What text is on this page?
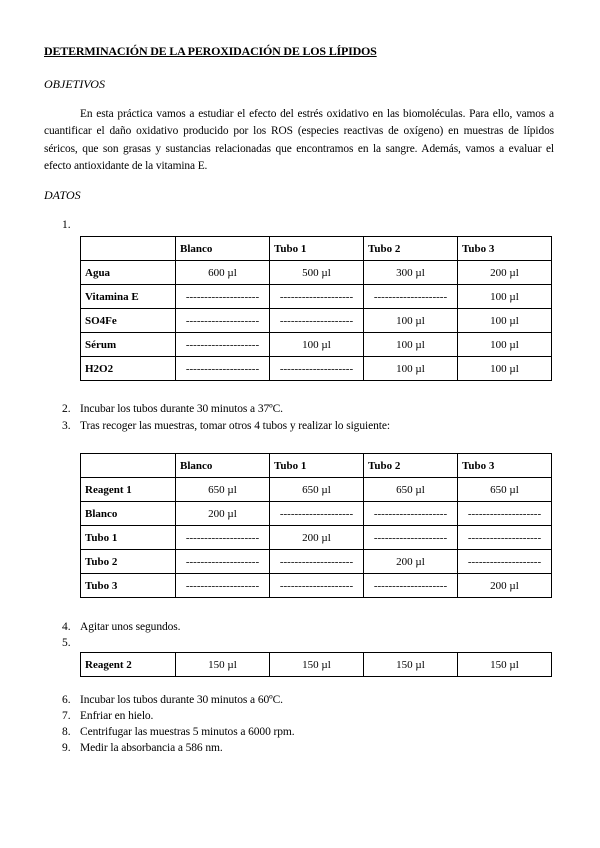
DETERMINACIÓN DE LA PEROXIDACIÓN DE LOS LÍPIDOS
OBJETIVOS
En esta práctica vamos a estudiar el efecto del estrés oxidativo en las biomoléculas. Para ello, vamos a cuantificar el daño oxidativo producido por los ROS (especies reactivas de oxígeno) en muestras de lípidos séricos, que son grasas y sustancias relacionadas que encontramos en la sangre. Además, vamos a evaluar el efecto antioxidante de la vitamina E.
DATOS
1.
	Blanco	Tubo 1	Tubo 2	Tubo 3
Agua	600 µl	500 µl	300 µl	200 µl
Vitamina E	--------------------	--------------------	--------------------	100 µl
SO4Fe	--------------------	--------------------	100 µl	100 µl
Sérum	--------------------	100 µl	100 µl	100 µl
H2O2	--------------------	--------------------	100 µl	100 µl
2. Incubar los tubos durante 30 minutos a 37ºC.
3. Tras recoger las muestras, tomar otros 4 tubos y realizar lo siguiente:
	Blanco	Tubo 1	Tubo 2	Tubo 3
Reagent 1	650 µl	650 µl	650 µl	650 µl
Blanco	200 µl	--------------------	--------------------	--------------------
Tubo 1	--------------------	200 µl	--------------------	--------------------
Tubo 2	--------------------	--------------------	200 µl	--------------------
Tubo 3	--------------------	--------------------	--------------------	200 µl
4. Agitar unos segundos.
5.
Reagent 2	150 µl	150 µl	150 µl	150 µl
6. Incubar los tubos durante 30 minutos a 60ºC.
7. Enfriar en hielo.
8. Centrifugar las muestras 5 minutos a 6000 rpm.
9. Medir la absorbancia a 586 nm.
